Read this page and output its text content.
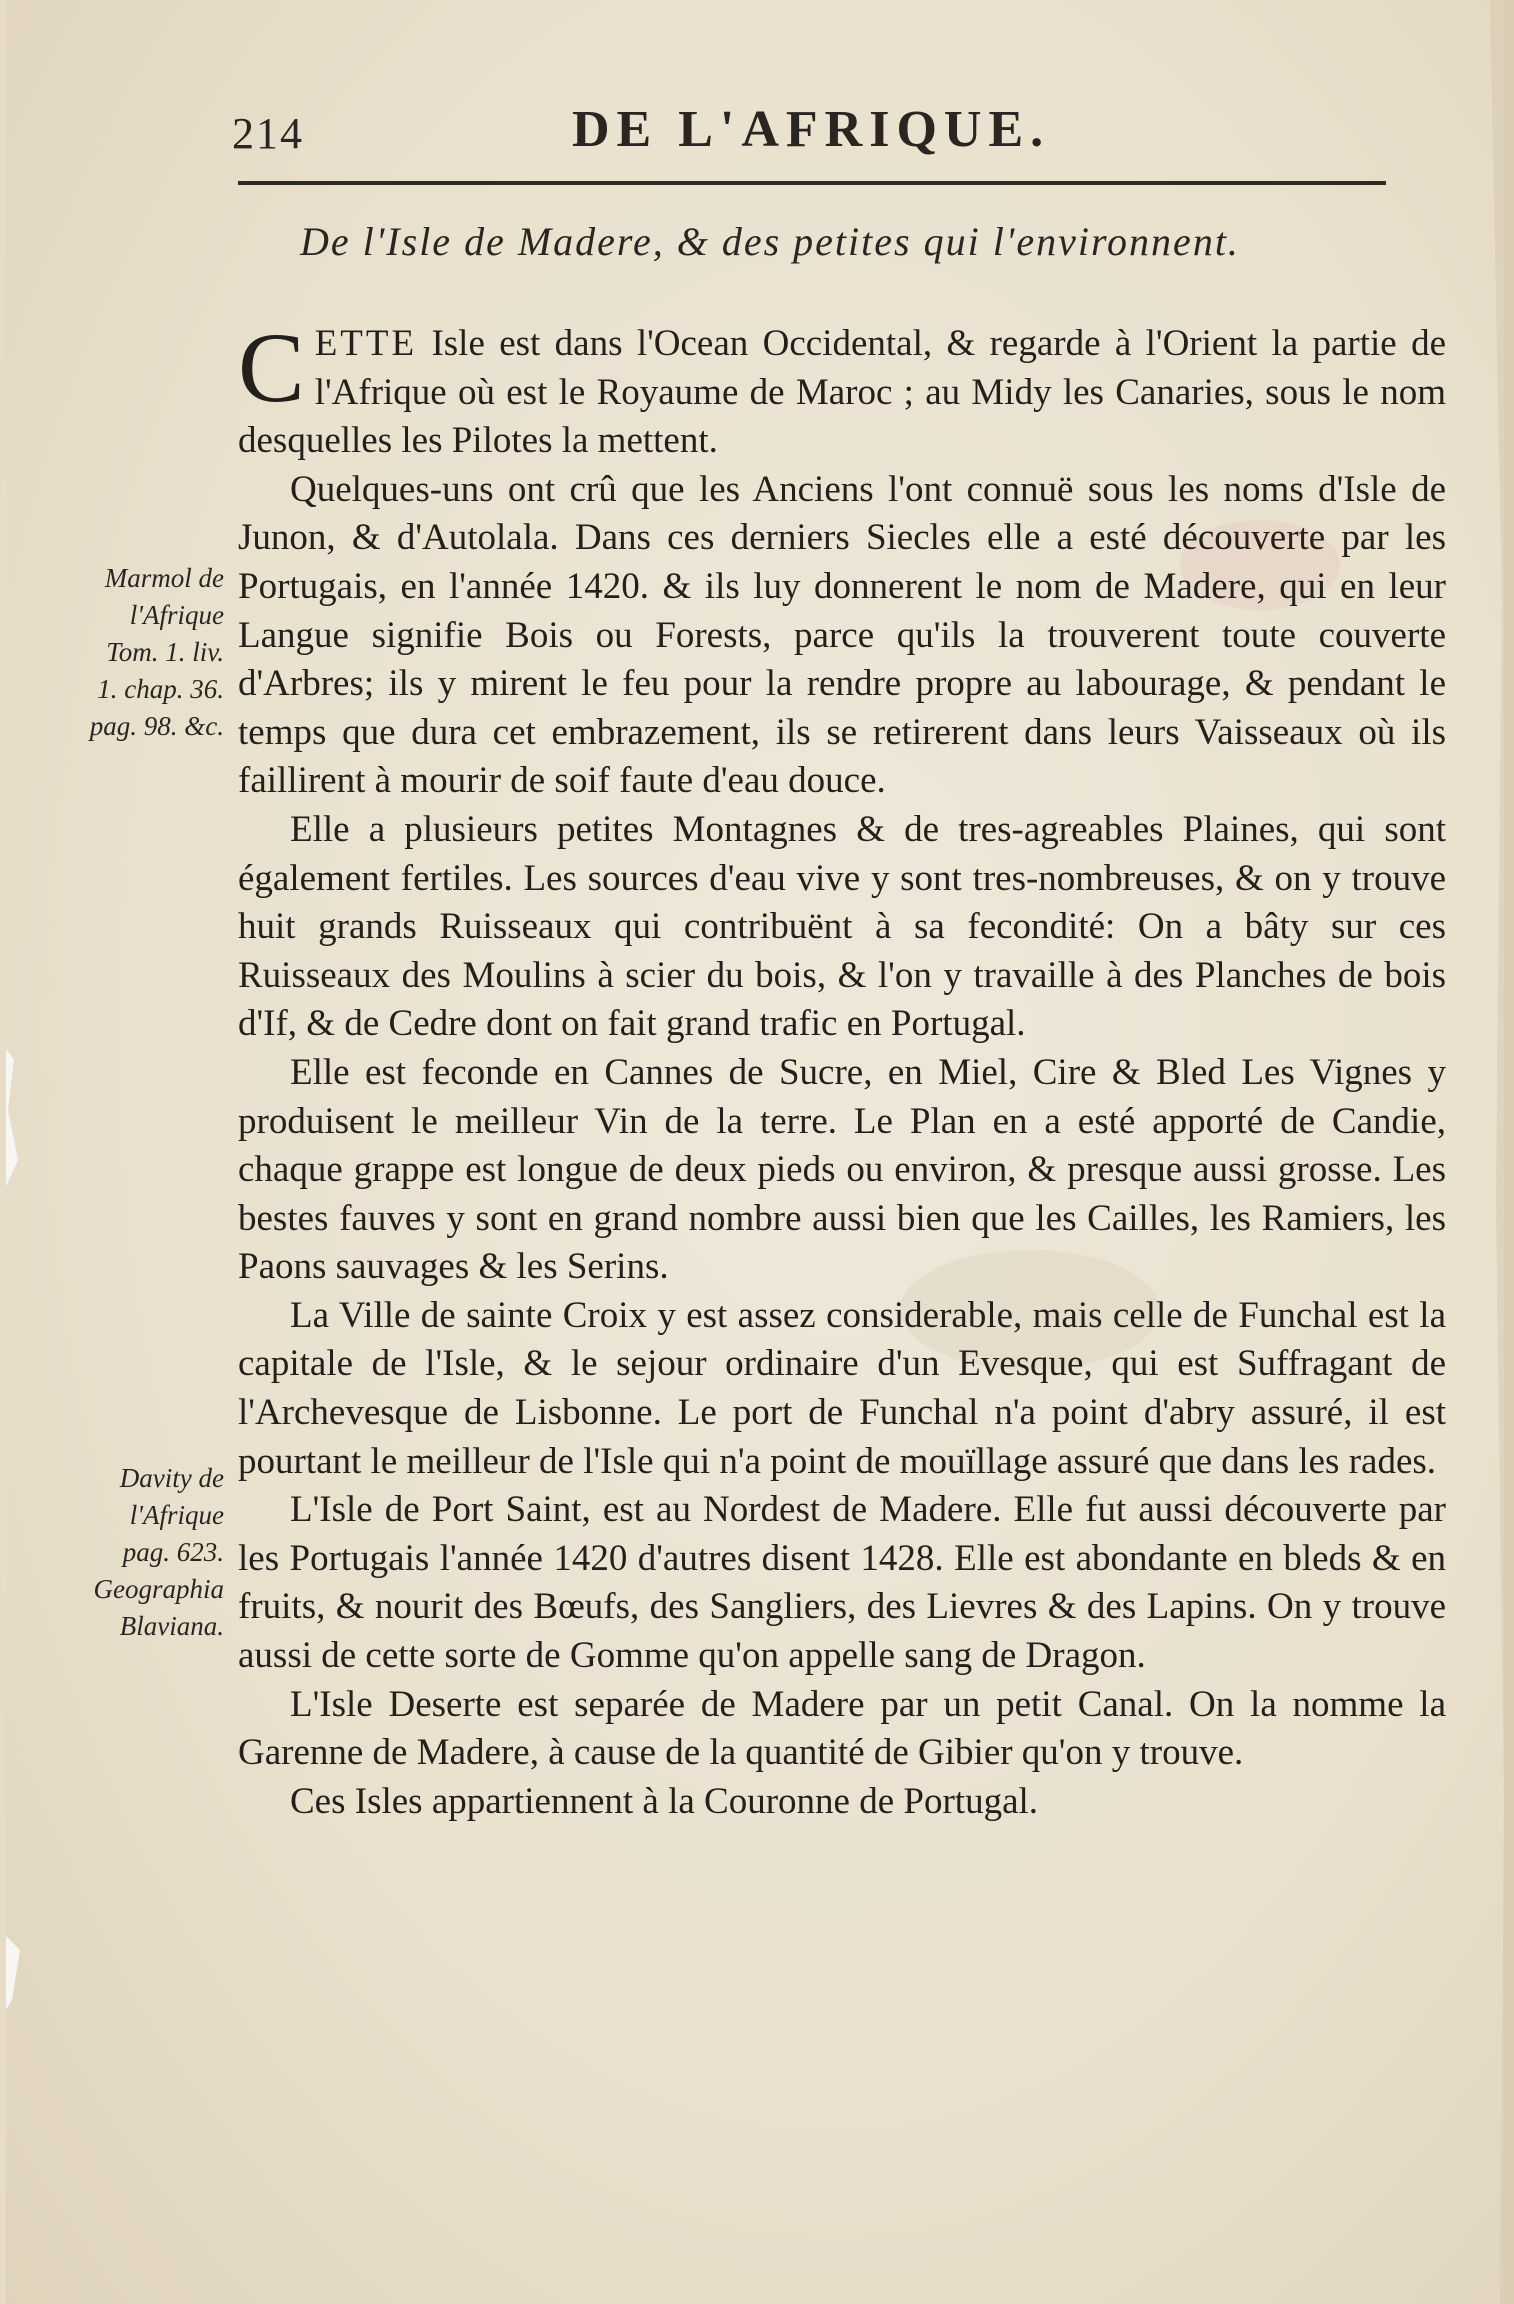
214	DE L'AFRIQUE.
De l'Isle de Madere, & des petites qui l'environnent.

CETTE Isle est dans l'Ocean Occidental, & regarde à l'Orient la partie de l'Afrique où est le Royaume de Maroc ; au Midy les Canaries, sous le nom desquelles les Pilotes la mettent.

Quelques-uns ont crû que les Anciens l'ont connuë sous les noms d'Isle de Junon, & d'Autolala. Dans ces derniers Siecles elle a esté découverte par les Portugais, en l'année 1420. & ils luy donnerent le nom de Madere, qui en leur Langue signifie Bois ou Forests, parce qu'ils la trouverent toute couverte d'Arbres; ils y mirent le feu pour la rendre propre au labourage, & pendant le temps que dura cet embrazement, ils se retirerent dans leurs Vaisseaux où ils faillirent à mourir de soif faute d'eau douce.

Elle a plusieurs petites Montagnes & de tres-agreables Plaines, qui sont également fertiles. Les sources d'eau vive y sont tres-nombreuses, & on y trouve huit grands Ruisseaux qui contribuënt à sa fecondité: On a bâty sur ces Ruisseaux des Moulins à scier du bois, & l'on y travaille à des Planches de bois d'If, & de Cedre dont on fait grand trafic en Portugal.

Elle est feconde en Cannes de Sucre, en Miel, Cire & Bled Les Vignes y produisent le meilleur Vin de la terre. Le Plan en a esté apporté de Candie, chaque grappe est longue de deux pieds ou environ, & presque aussi grosse. Les bestes fauves y sont en grand nombre aussi bien que les Cailles, les Ramiers, les Paons sauvages & les Serins.

La Ville de sainte Croix y est assez considerable, mais celle de Funchal est la capitale de l'Isle, & le sejour ordinaire d'un Evesque, qui est Suffragant de l'Archevesque de Lisbonne. Le port de Funchal n'a point d'abry assuré, il est pourtant le meilleur de l'Isle qui n'a point de mouïllage assuré que dans les rades.

L'Isle de Port Saint, est au Nordest de Madere. Elle fut aussi découverte par les Portugais l'année 1420 d'autres disent 1428. Elle est abondante en bleds & en fruits, & nourit des Bœufs, des Sangliers, des Lievres & des Lapins. On y trouve aussi de cette sorte de Gomme qu'on appelle sang de Dragon.

L'Isle Deserte est separée de Madere par un petit Canal. On la nomme la Garenne de Madere, à cause de la quantité de Gibier qu'on y trouve.

Ces Isles appartiennent à la Couronne de Portugal.

Marmol de
l'Afrique
Tom. 1. liv.
1. chap. 36.
pag. 98. &c.
Davity de
l'Afrique
pag. 623.
Geographia
Blaviana.
